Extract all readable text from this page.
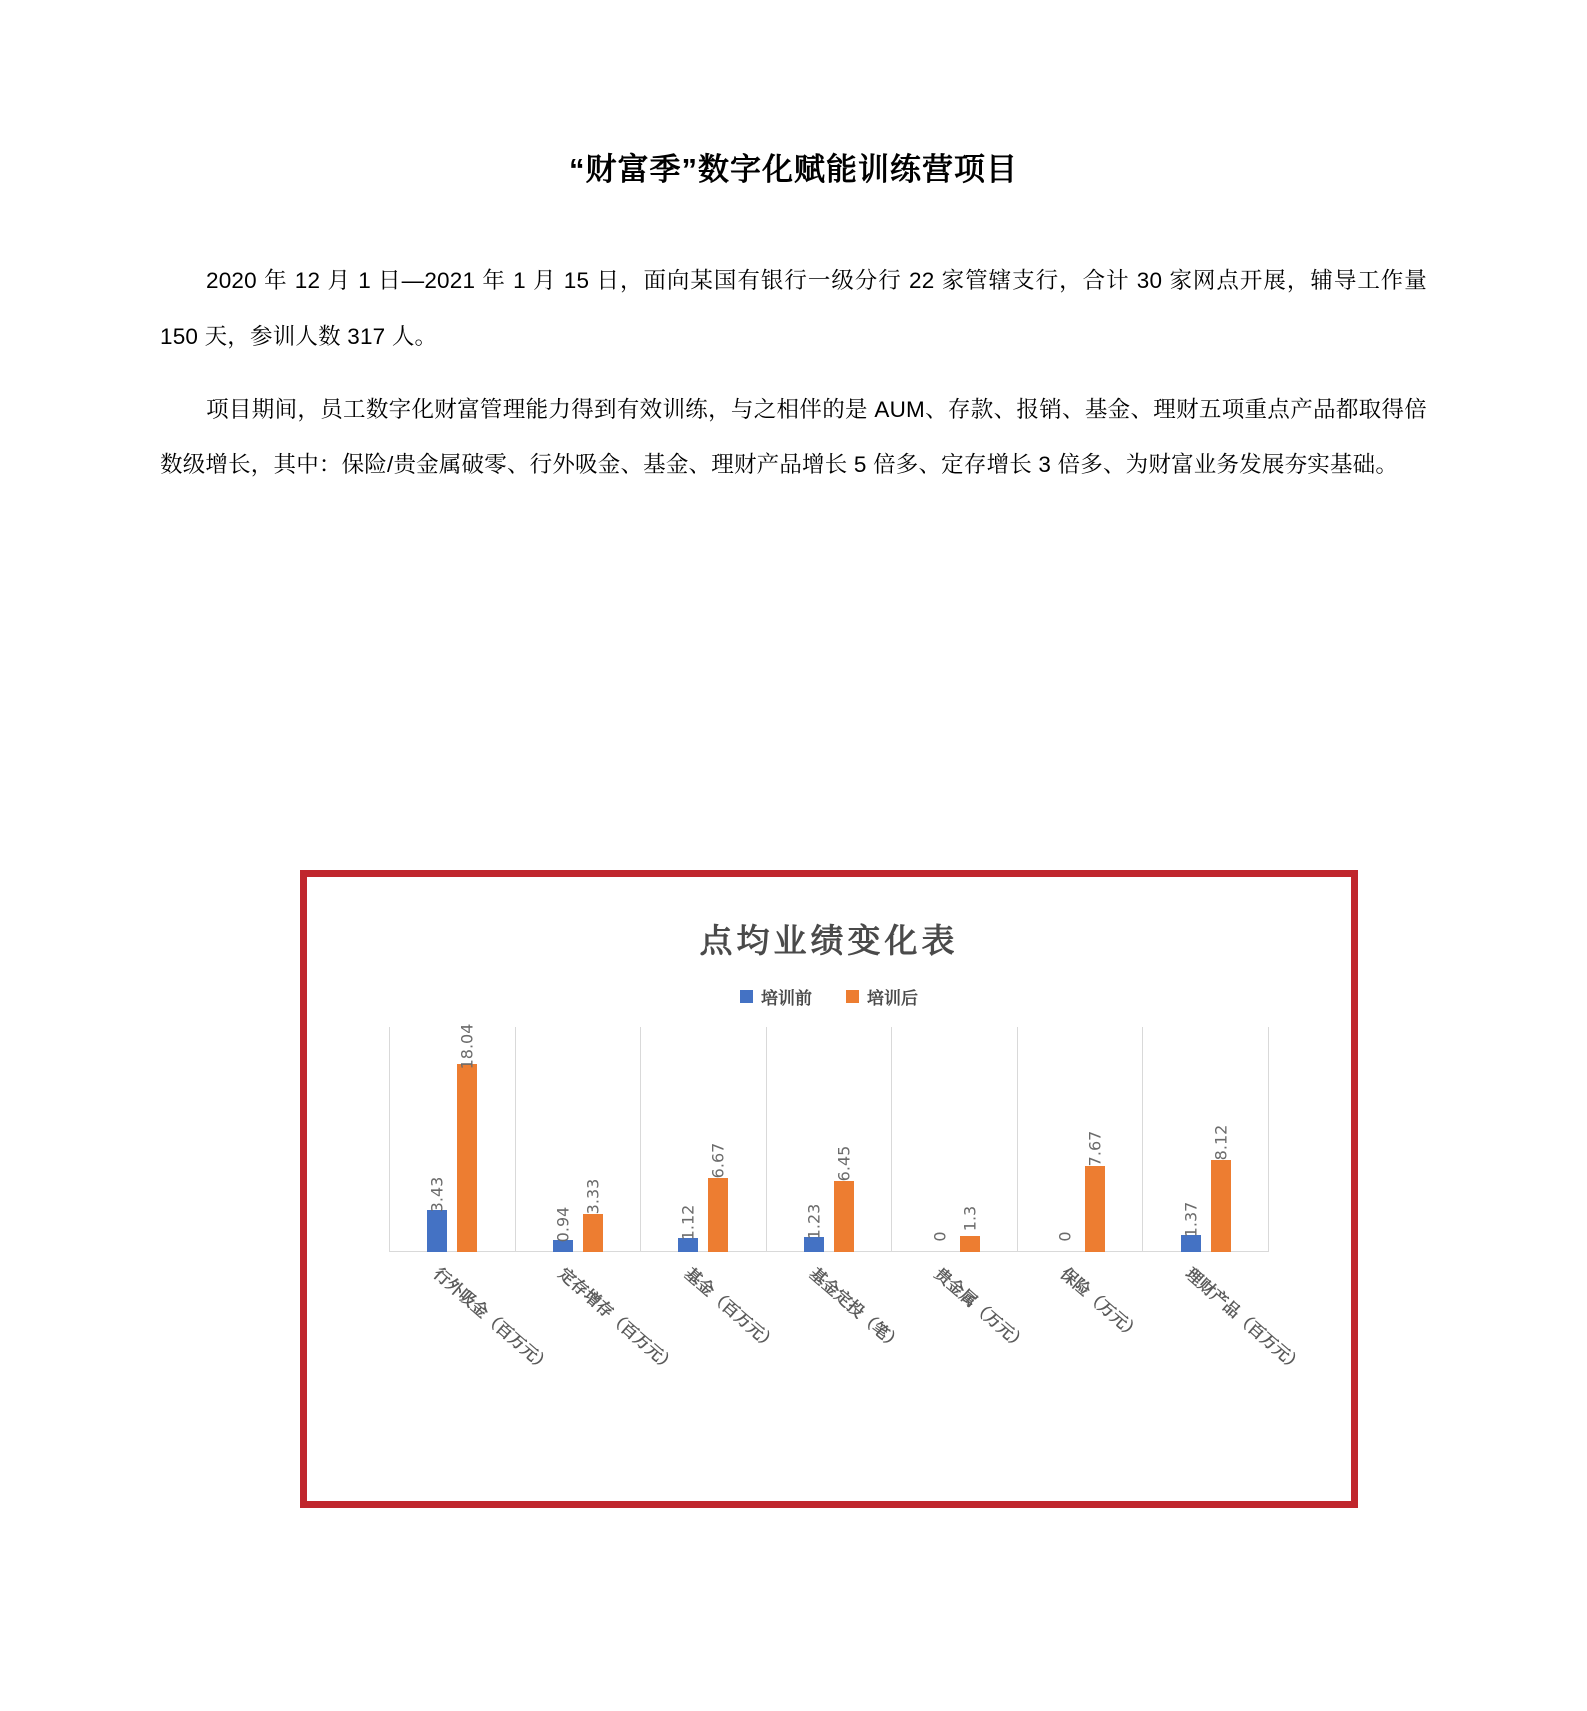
“财富季”数字化赋能训练营项目

2020 年 12 月 1 日—2021 年 1 月 15 日，面向某国有银行一级分行 22 家管辖支行，合计 30 家网点开展，辅导工作量 150 天，参训人数 317 人。

项目期间，员工数字化财富管理能力得到有效训练，与之相伴的是 AUM、存款、报销、基金、理财五项重点产品都取得倍数级增长，其中：保险/贵金属破零、行外吸金、基金、理财产品增长 5 倍多、定存增长 3 倍多、为财富业务发展夯实基础。

点均业绩变化表
培训前	培训后
3.43
18.04
0.94
3.33
1.12
6.67
1.23
6.45
0
1.3
0
7.67
1.37
8.12
行外吸金（百万元） 定存增存（百万元） 基金（百万元） 基金定投（笔） 贵金属（万元） 保险（万元） 理财产品（百万元）
